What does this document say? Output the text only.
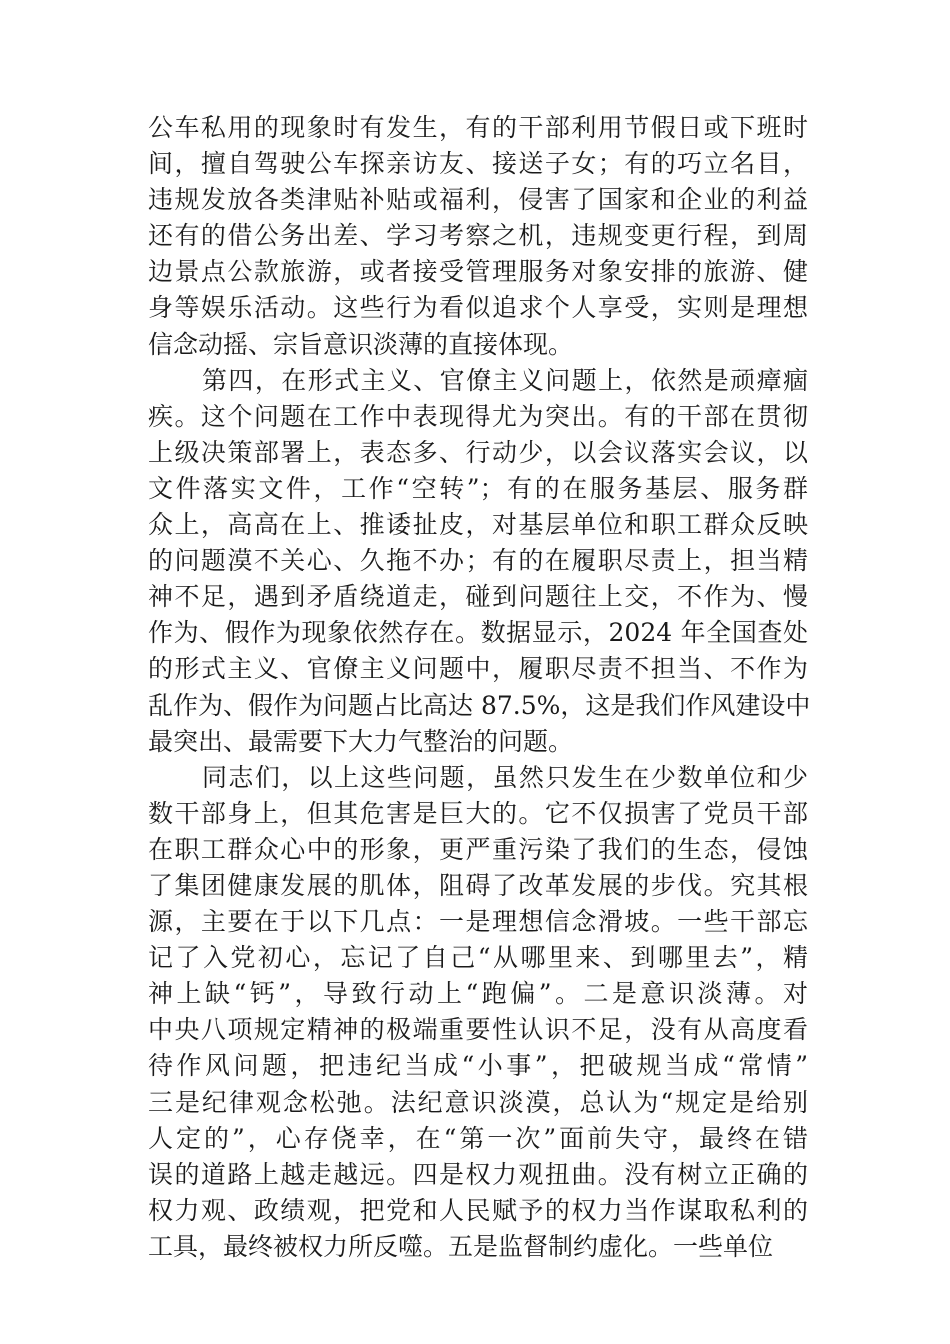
公车私用的现象时有发生，有的干部利用节假日或下班时
间，擅自驾驶公车探亲访友、接送子女；有的巧立名目，
违规发放各类津贴补贴或福利，侵害了国家和企业的利益
还有的借公务出差、学习考察之机，违规变更行程，到周
边景点公款旅游，或者接受管理服务对象安排的旅游、健
身等娱乐活动。这些行为看似追求个人享受，实则是理想
信念动摇、宗旨意识淡薄的直接体现。
第四，在形式主义、官僚主义问题上，依然是顽瘴痼
疾。这个问题在工作中表现得尤为突出。有的干部在贯彻
上级决策部署上，表态多、行动少，以会议落实会议，以
文件落实文件，工作“空转”；有的在服务基层、服务群
众上，高高在上、推诿扯皮，对基层单位和职工群众反映
的问题漠不关心、久拖不办；有的在履职尽责上，担当精
神不足，遇到矛盾绕道走，碰到问题往上交，不作为、慢
作为、假作为现象依然存在。数据显示，2024 年全国查处
的形式主义、官僚主义问题中，履职尽责不担当、不作为
乱作为、假作为问题占比高达 87.5%，这是我们作风建设中
最突出、最需要下大力气整治的问题。
同志们，以上这些问题，虽然只发生在少数单位和少
数干部身上，但其危害是巨大的。它不仅损害了党员干部
在职工群众心中的形象，更严重污染了我们的生态，侵蚀
了集团健康发展的肌体，阻碍了改革发展的步伐。究其根
源，主要在于以下几点：一是理想信念滑坡。一些干部忘
记了入党初心，忘记了自己“从哪里来、到哪里去”，精
神上缺“钙”，导致行动上“跑偏”。二是意识淡薄。对
中央八项规定精神的极端重要性认识不足，没有从高度看
待作风问题，把违纪当成“小事”，把破规当成“常情”
三是纪律观念松弛。法纪意识淡漠，总认为“规定是给别
人定的”，心存侥幸，在“第一次”面前失守，最终在错
误的道路上越走越远。四是权力观扭曲。没有树立正确的
权力观、政绩观，把党和人民赋予的权力当作谋取私利的
工具，最终被权力所反噬。五是监督制约虚化。一些单位
